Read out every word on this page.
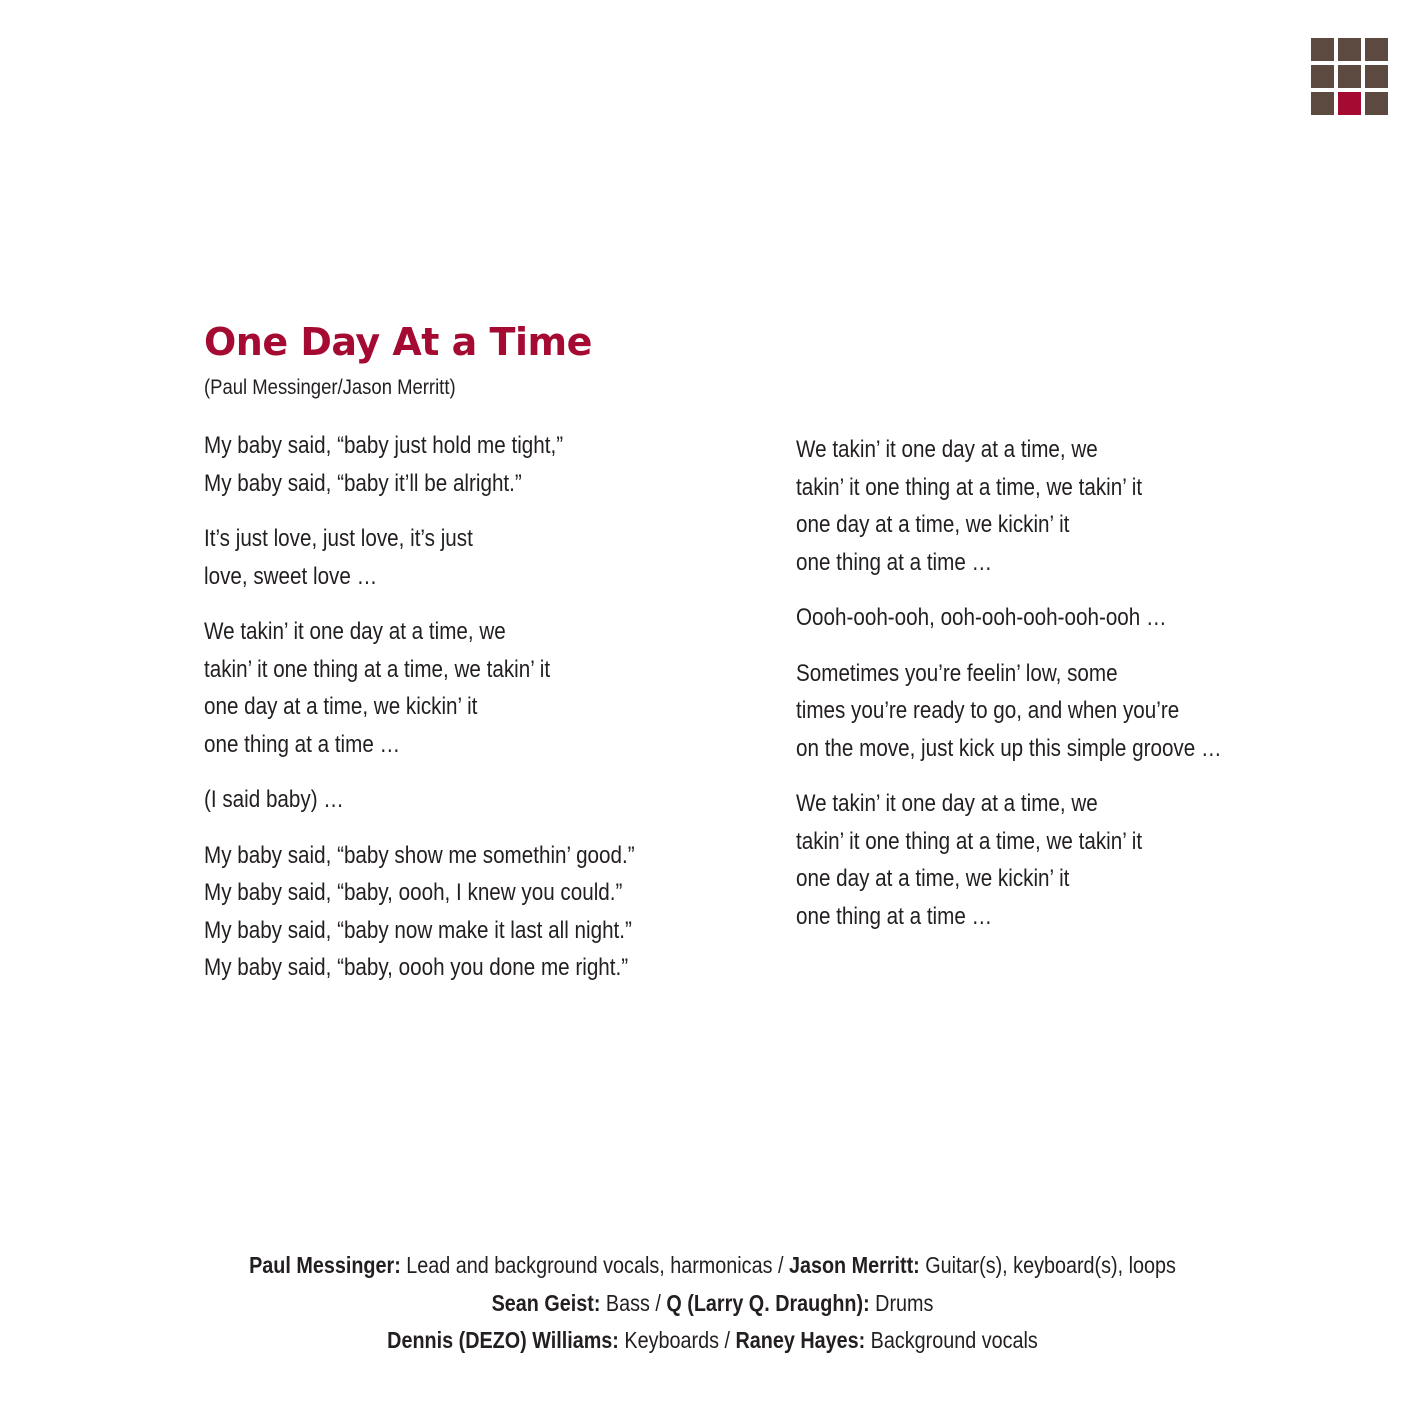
One Day At a Time

(Paul Messinger/Jason Merritt)

My baby said, “baby just hold me tight,”
My baby said, “baby it’ll be alright.”
It’s just love, just love, it’s just
love, sweet love …
We takin’ it one day at a time, we
takin’ it one thing at a time, we takin’ it
one day at a time, we kickin’ it
one thing at a time …
(I said baby) …
My baby said, “baby show me somethin’ good.”
My baby said, “baby, oooh, I knew you could.”
My baby said, “baby now make it last all night.”
My baby said, “baby, oooh you done me right.”
We takin’ it one day at a time, we
takin’ it one thing at a time, we takin’ it
one day at a time, we kickin’ it
one thing at a time …
Oooh-ooh-ooh, ooh-ooh-ooh-ooh-ooh …
Sometimes you’re feelin’ low, some
times you’re ready to go, and when you’re
on the move, just kick up this simple groove …
We takin’ it one day at a time, we
takin’ it one thing at a time, we takin’ it
one day at a time, we kickin’ it
one thing at a time …
Paul Messinger: Lead and background vocals, harmonicas / Jason Merritt: Guitar(s), keyboard(s), loops
Sean Geist: Bass / Q (Larry Q. Draughn): Drums
Dennis (DEZO) Williams: Keyboards / Raney Hayes: Background vocals
